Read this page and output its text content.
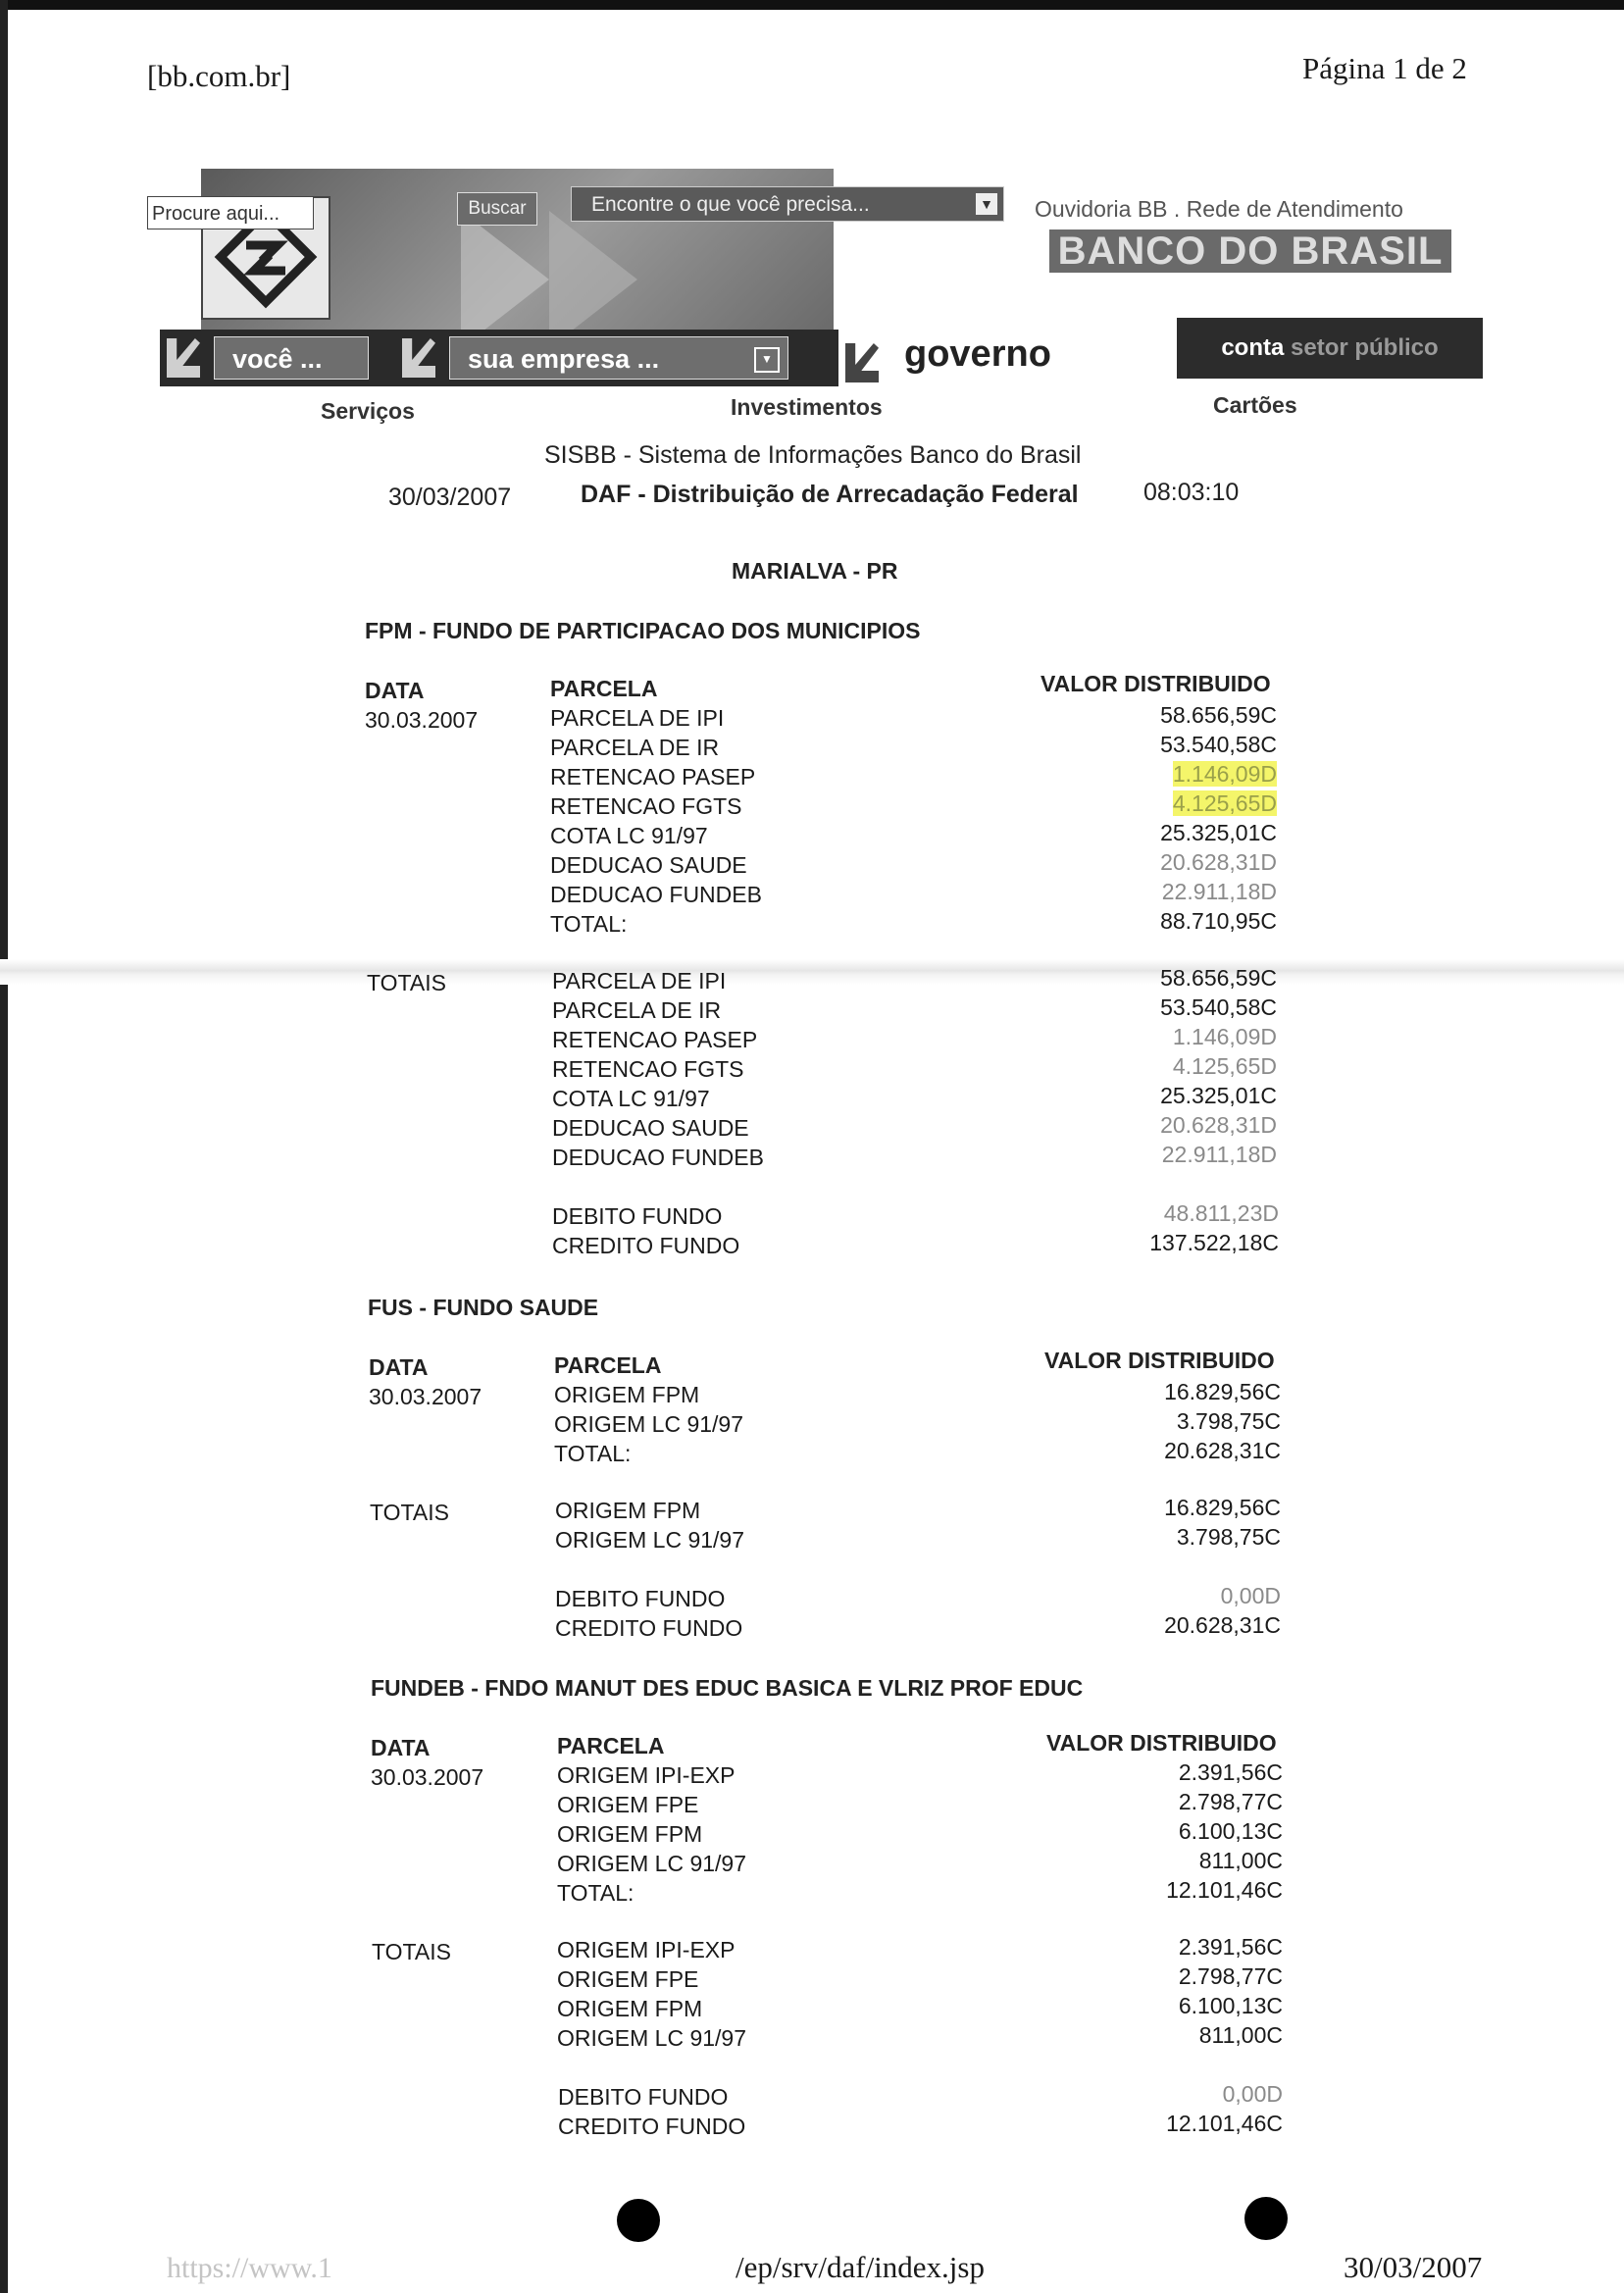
[bb.com.br]	Página 1 de 2
Procure aqui...	Buscar	Encontre o que você precisa...	▼ Ouvidoria BB . Rede de Atendimento
BANCO DO BRASIL
você ...	sua empresa ...	▼	governo	conta setor público
Serviços	Investimentos	Cartões
SISBB - Sistema de Informações Banco do Brasil
30/03/2007	DAF - Distribuição de Arrecadação Federal	08:03:10
MARIALVA - PR
FPM - FUNDO DE PARTICIPACAO DOS MUNICIPIOS
DATA	PARCELA	VALOR DISTRIBUIDO
30.03.2007	PARCELA DE IPI	58.656,59C
PARCELA DE IR	53.540,58C
RETENCAO PASEP	1.146,09D
RETENCAO FGTS	4.125,65D
COTA LC 91/97	25.325,01C
DEDUCAO SAUDE	20.628,31D
DEDUCAO FUNDEB	22.911,18D
TOTAL:	88.710,95C
TOTAIS	PARCELA DE IPI	58.656,59C
PARCELA DE IR	53.540,58C
RETENCAO PASEP	1.146,09D
RETENCAO FGTS	4.125,65D
COTA LC 91/97	25.325,01C
DEDUCAO SAUDE	20.628,31D
DEDUCAO FUNDEB	22.911,18D
DEBITO FUNDO	48.811,23D
CREDITO FUNDO	137.522,18C
FUS - FUNDO SAUDE
DATA	PARCELA	VALOR DISTRIBUIDO
30.03.2007	ORIGEM FPM	16.829,56C
ORIGEM LC 91/97	3.798,75C
TOTAL:	20.628,31C
TOTAIS	ORIGEM FPM	16.829,56C
ORIGEM LC 91/97	3.798,75C
DEBITO FUNDO	0,00D
CREDITO FUNDO	20.628,31C
FUNDEB - FNDO MANUT DES EDUC BASICA E VLRIZ PROF EDUC
DATA	PARCELA	VALOR DISTRIBUIDO
30.03.2007	ORIGEM IPI-EXP	2.391,56C
ORIGEM FPE	2.798,77C
ORIGEM FPM	6.100,13C
ORIGEM LC 91/97	811,00C
TOTAL:	12.101,46C
TOTAIS	ORIGEM IPI-EXP	2.391,56C
ORIGEM FPE	2.798,77C
ORIGEM FPM	6.100,13C
ORIGEM LC 91/97	811,00C
DEBITO FUNDO	0,00D
CREDITO FUNDO	12.101,46C
https://www.1	/ep/srv/daf/index.jsp	30/03/2007
